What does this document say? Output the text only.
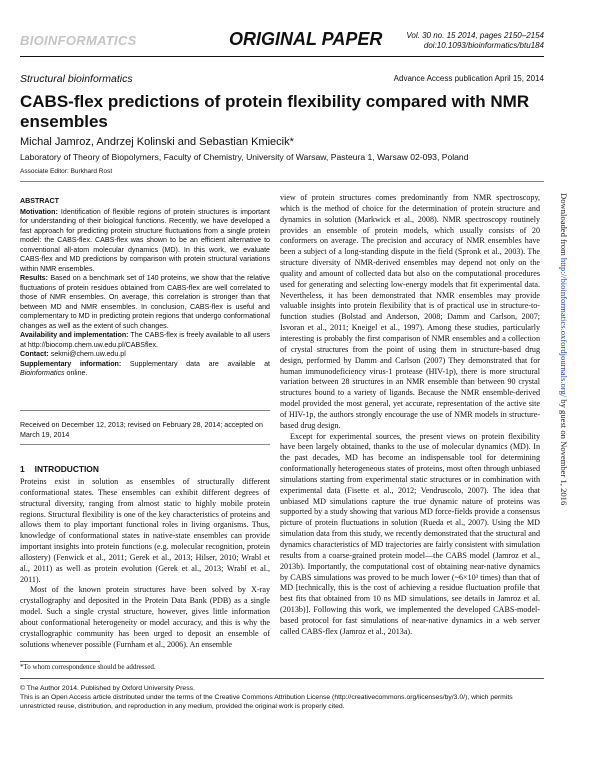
BIOINFORMATICS	ORIGINAL PAPER	Vol. 30 no. 15 2014, pages 2150–2154
doi:10.1093/bioinformatics/btu184
Structural bioinformatics	Advance Access publication April 15, 2014
CABS-flex predictions of protein flexibility compared with NMR ensembles
Michal Jamroz, Andrzej Kolinski and Sebastian Kmiecik*
Laboratory of Theory of Biopolymers, Faculty of Chemistry, University of Warsaw, Pasteura 1, Warsaw 02-093, Poland
Associate Editor: Burkhard Rost

ABSTRACT

Motivation: Identification of flexible regions of protein structures is important for understanding of their biological functions. Recently, we have developed a fast approach for predicting protein structure fluctuations from a single protein model: the CABS-flex. CABS-flex was shown to be an efficient alternative to conventional all-atom molecular dynamics (MD). In this work, we evaluate CABS-flex and MD predictions by comparison with protein structural variations within NMR ensembles.

Results: Based on a benchmark set of 140 proteins, we show that the relative fluctuations of protein residues obtained from CABS-flex are well correlated to those of NMR ensembles. On average, this correlation is stronger than that between MD and NMR ensembles. In conclusion, CABS-flex is useful and complementary to MD in predicting protein regions that undergo conformational changes as well as the extent of such changes.

Availability and implementation: The CABS-flex is freely available to all users at http://biocomp.chem.uw.edu.pl/CABSflex.

Contact: sekmi@chem.uw.edu.pl

Supplementary information: Supplementary data are available at Bioinformatics online.

Received on December 12, 2013; revised on February 28, 2014; accepted on March 19, 2014
1 INTRODUCTION

Proteins exist in solution as ensembles of structurally different conformational states. These ensembles can exhibit different degrees of structural diversity, ranging from almost static to highly mobile protein regions. Structural flexibility is one of the key characteristics of proteins and allows them to play important functional roles in living organisms. Thus, knowledge of conformational states in native-state ensembles can provide important insights into protein functions (e.g. molecular recognition, protein allostery) (Fenwick et al., 2011; Gerek et al., 2013; Hilser, 2010; Wrabl et al., 2011) as well as protein evolution (Gerek et al., 2013; Wrabl et al., 2011).

Most of the known protein structures have been solved by X-ray crystallography and deposited in the Protein Data Bank (PDB) as a single model. Such a single crystal structure, however, gives little information about conformational heterogeneity or model accuracy, and this is why the crystallographic community has been urged to deposit an ensemble of solutions whenever possible (Furnham et al., 2006). An ensemble

*To whom correspondence should be addressed.

view of protein structures comes predominantly from NMR spectroscopy, which is the method of choice for the determination of protein structure and dynamics in solution (Markwick et al., 2008). NMR spectroscopy routinely provides an ensemble of protein models, which usually consists of 20 conformers on average. The precision and accuracy of NMR ensembles have been a subject of a long-standing dispute in the field (Spronk et al., 2003). The structure diversity of NMR-derived ensembles may depend not only on the quality and amount of collected data but also on the computational procedures used for generating and selecting low-energy models that fit experimental data. Nevertheless, it has been demonstrated that NMR ensembles may provide valuable insights into protein flexibility that is of practical use in structure-to-function studies (Bolstad and Anderson, 2008; Damm and Carlson, 2007; Isvoran et al., 2011; Kneigel et al., 1997). Among these studies, particularly interesting is probably the first comparison of NMR ensembles and a collection of crystal structures from the point of using them in structure-based drug design, performed by Damm and Carlson (2007) They demonstrated that for human immunodeficiency virus-1 protease (HIV-1p), there is more structural variation between 28 structures in an NMR ensemble than between 90 crystal structures bound to a variety of ligands. Because the NMR ensemble-derived model provided the most general, yet accurate, representation of the active site of HIV-1p, the authors strongly encourage the use of NMR models in structure-based drug design.

Except for experimental sources, the present views on protein flexibility have been largely obtained, thanks to the use of molecular dynamics (MD). In the past decades, MD has become an indispensable tool for determining conformationally heterogeneous states of proteins, most often through unbiased simulations starting from experimental static structures or in combination with experimental data (Fisette et al., 2012; Vendruscolo, 2007). The idea that unbiased MD simulations capture the true dynamic nature of proteins was supported by a study showing that various MD force-fields provide a consensus picture of protein fluctuations in solution (Rueda et al., 2007). Using the MD simulation data from this study, we recently demonstrated that the structural and dynamics characteristics of MD trajectories are fairly consistent with simulation results from a coarse-grained protein model—the CABS model (Jamroz et al., 2013b). Importantly, the computational cost of obtaining near-native dynamics by CABS simulations was proved to be much lower (~6×10³ times) than that of MD [technically, this is the cost of achieving a residue fluctuation profile that best fits that obtained from 10 ns MD simulations, see details in Jamroz et al. (2013b)]. Following this work, we implemented the developed CABS-model-based protocol for fast simulations of near-native dynamics in a web server called CABS-flex (Jamroz et al., 2013a).

© The Author 2014. Published by Oxford University Press.

This is an Open Access article distributed under the terms of the Creative Commons Attribution License (http://creativecommons.org/licenses/by/3.0/), which permits unrestricted reuse, distribution, and reproduction in any medium, provided the original work is properly cited.

Downloaded from http://bioinformatics.oxfordjournals.org/ by guest on November 1, 2016
